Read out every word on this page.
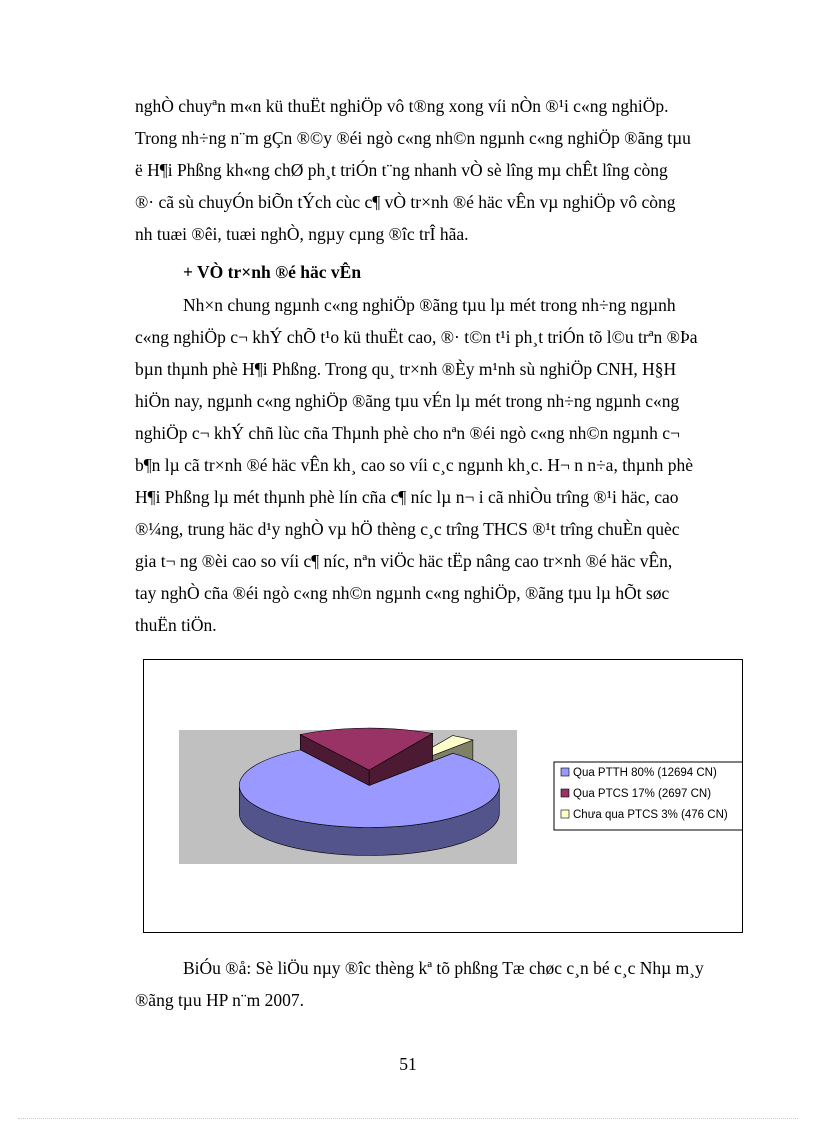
nghÒ chuyªn m«n kü thuËt nghiÖp vô t®ng xong víi nÒn ®¹i c«ng nghiÖp.
Trong nh÷ng n¨m gÇn ®©y ®éi ngò c«ng nh©n ngµnh c«ng nghiÖp ®ãng tµu
ë H¶i Phßng kh«ng chØ ph¸t triÓn t¨ng nhanh vÒ sè lîng mµ chÊt lîng còng
®· cã sù chuyÓn biÕn tÝch cùc c¶ vÒ tr×nh ®é häc vÊn vµ nghiÖp vô còng
nh tuæi ®êi, tuæi nghÒ, ngµy cµng ®îc trÎ hãa.

+ VÒ tr×nh ®é häc vÊn

Nh×n chung ngµnh c«ng nghiÖp ®ãng tµu lµ mét trong nh÷ng ngµnh
c«ng nghiÖp c¬ khÝ chÕ t¹o kü thuËt cao, ®· t©n t¹i ph¸t triÓn tõ l©u trªn ®Þa
bµn thµnh phè H¶i Phßng. Trong qu¸ tr×nh ®Èy m¹nh sù nghiÖp CNH, H§H
hiÖn nay, ngµnh c«ng nghiÖp ®ãng tµu vÉn lµ mét trong nh÷ng ngµnh c«ng
nghiÖp c¬ khÝ chñ lùc cña Thµnh phè cho nªn ®éi ngò c«ng nh©n ngµnh c¬
b¶n lµ cã tr×nh ®é häc vÊn kh¸ cao so víi c¸c ngµnh kh¸c. H¬ n n÷a, thµnh phè
H¶i Phßng lµ mét thµnh phè lín cña c¶ níc lµ n¬ i cã nhiÒu trîng ®¹i häc, cao
®¼ng, trung häc d¹y nghÒ vµ hÖ thèng c¸c trîng THCS ®¹t trîng chuÈn quèc
gia t¬ ng ®èi cao so víi c¶ níc, nªn viÖc häc tËp nâng cao tr×nh ®é häc vÊn,
tay nghÒ cña ®éi ngò c«ng nh©n ngµnh c«ng nghiÖp, ®ãng tµu lµ hÕt søc
thuËn tiÖn.

Qua PTTH 80% (12694 CN)
Qua PTCS 17% (2697 CN)
Chưa qua PTCS 3% (476 CN)

BiÓu ®å: Sè liÖu nµy ®îc thèng kª tõ phßng Tæ chøc c¸n bé c¸c Nhµ m¸y
®ãng tµu HP n¨m 2007.

51
